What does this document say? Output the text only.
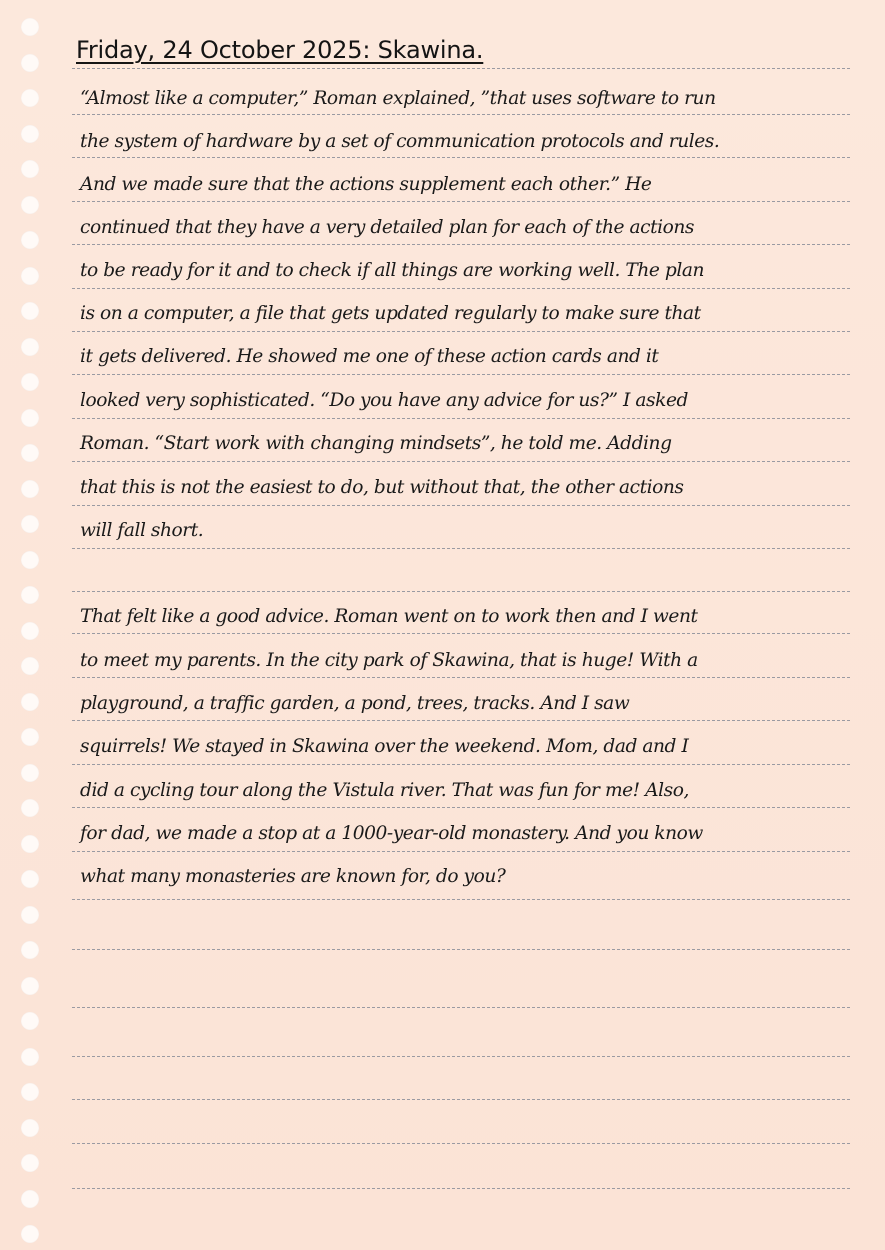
Friday, 24 October 2025: Skawina.
“Almost like a computer,” Roman explained, ”that uses software to run
the system of hardware by a set of communication protocols and rules.
And we made sure that the actions supplement each other.” He
continued that they have a very detailed plan for each of the actions
to be ready for it and to check if all things are working well. The plan
is on a computer, a file that gets updated regularly to make sure that
it gets delivered. He showed me one of these action cards and it
looked very sophisticated. “Do you have any advice for us?” I asked
Roman. “Start work with changing mindsets”, he told me. Adding
that this is not the easiest to do, but without that, the other actions
will fall short.
That felt like a good advice. Roman went on to work then and I went
to meet my parents. In the city park of Skawina, that is huge! With a
playground, a traffic garden, a pond, trees, tracks. And I saw
squirrels! We stayed in Skawina over the weekend. Mom, dad and I
did a cycling tour along the Vistula river. That was fun for me! Also,
for dad, we made a stop at a 1000-year-old monastery. And you know
what many monasteries are known for, do you?
